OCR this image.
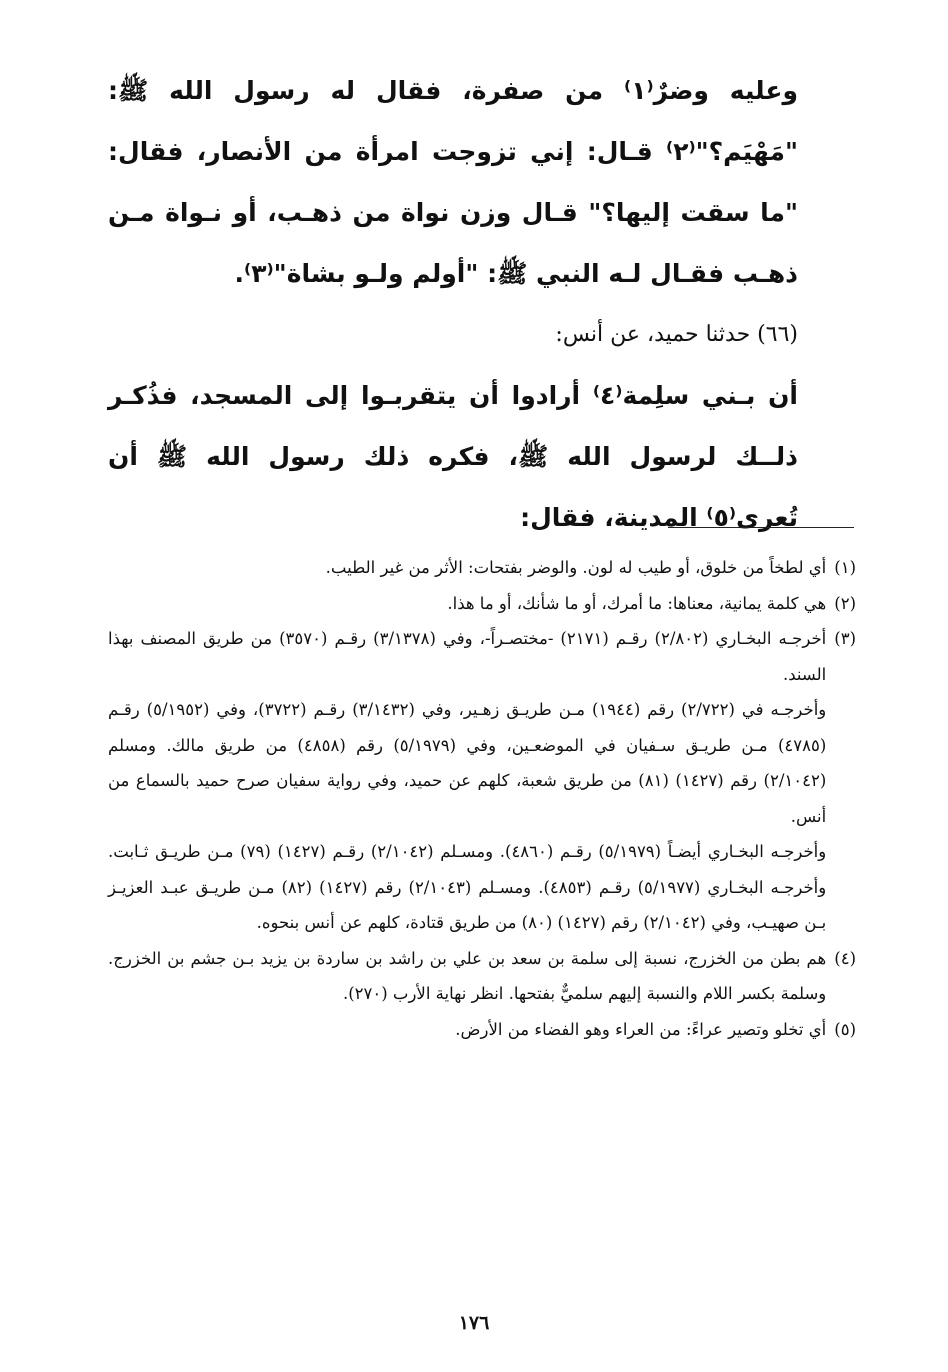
وعليه وضرٌ⁽١⁾ من صفرة، فقال له رسول الله ﷺ: "مَهْيَم؟"⁽٢⁾ قـال: إني تزوجت امرأة من الأنصار، فقال: "ما سقت إليها؟" قـال وزن نواة من ذهـب، أو نـواة مـن ذهـب فقـال لـه النبي ﷺ: "أولم ولـو بشاة"⁽٣⁾.

(٦٦) حدثنا حميد، عن أنس:

أن بـني سلِمة⁽٤⁾ أرادوا أن يتقربـوا إلى المسجد، فذُكـر ذلــك لرسول الله ﷺ، فكره ذلك رسول الله ﷺ أن تُعرى⁽٥⁾ المدينة، فقال:

(١)

أي لطخاً من خلوق، أو طيب له لون. والوضر بفتحات: الأثر من غير الطيب.

(٢)

هي كلمة يمانية، معناها: ما أمرك، أو ما شأنك، أو ما هذا.

(٣)

أخرجـه البخـاري (٢/٨٠٢) رقـم (٢١٧١) -مختصـراً-، وفي (٣/١٣٧٨) رقـم (٣٥٧٠) من طريق المصنف بهذا السند.

وأخرجـه في (٢/٧٢٢) رقم (١٩٤٤) مـن طريـق زهـير، وفي (٣/١٤٣٢) رقـم (٣٧٢٢)، وفي (٥/١٩٥٢) رقـم (٤٧٨٥) مـن طريـق سـفيان في الموضعـين، وفي (٥/١٩٧٩) رقم (٤٨٥٨) من طريق مالك. ومسلم (٢/١٠٤٢) رقم (١٤٢٧) (٨١) من طريق شعبة، كلهم عن حميد، وفي رواية سفيان صرح حميد بالسماع من أنس.

وأخرجـه البخـاري أيضـاً (٥/١٩٧٩) رقـم (٤٨٦٠). ومسـلم (٢/١٠٤٢) رقـم (١٤٢٧) (٧٩) مـن طريـق ثـابت. وأخرجـه البخـاري (٥/١٩٧٧) رقـم (٤٨٥٣). ومسـلم (٢/١٠٤٣) رقم (١٤٢٧) (٨٢) مـن طريـق عبـد العزيـز بـن صهيـب، وفي (٢/١٠٤٢) رقم (١٤٢٧) (٨٠) من طريق قتادة، كلهم عن أنس بنحوه.

(٤)

هم بطن من الخزرج، نسبة إلى سلمة بن سعد بن علي بن راشد بن ساردة بن يزيد بـن جشم بن الخزرج. وسلمة بكسر اللام والنسبة إليهم سلميٌّ بفتحها. انظر نهاية الأرب (٢٧٠).

(٥)

أي تخلو وتصير عراءً: من العراء وهو الفضاء من الأرض.

١٧٦
